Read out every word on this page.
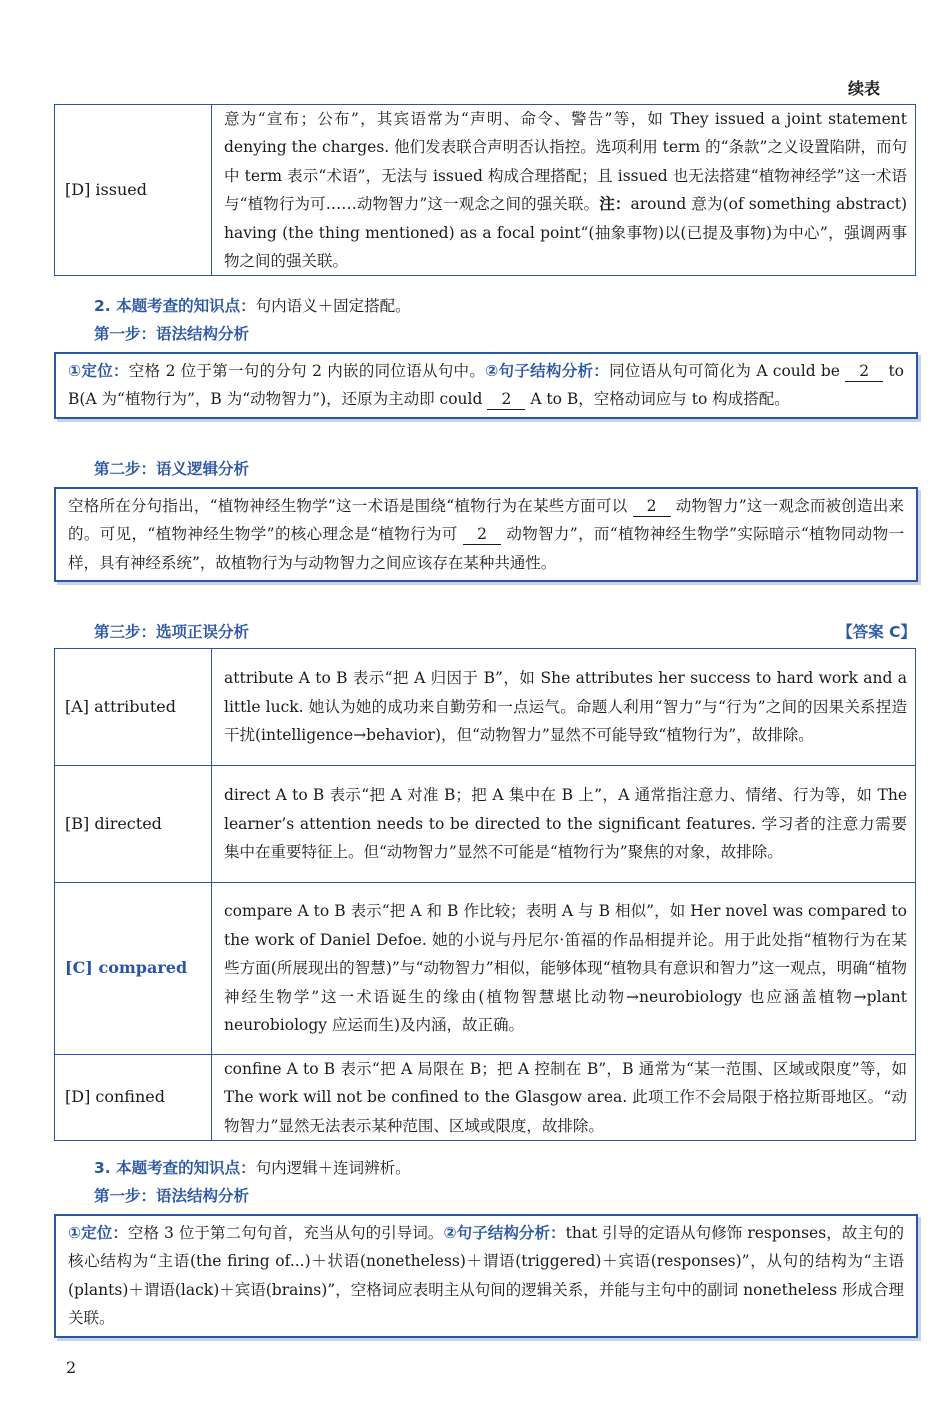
续表
[D] issued	意为“宣布；公布”，其宾语常为“声明、命令、警告”等，如 They issued a joint statement denying the charges. 他们发表联合声明否认指控。选项利用 term 的“条款”之义设置陷阱，而句中 term 表示“术语”，无法与 issued 构成合理搭配；且 issued 也无法搭建“植物神经学”这一术语与“植物行为可……动物智力”这一观念之间的强关联。注：around 意为(of something abstract) having (the thing mentioned) as a focal point“(抽象事物)以(已提及事物)为中心”，强调两事物之间的强关联。
2. 本题考查的知识点：句内语义＋固定搭配。
第一步：语法结构分析
①定位：空格 2 位于第一句的分句 2 内嵌的同位语从句中。②句子结构分析：同位语从句可简化为 A could be 2 to B(A 为“植物行为”，B 为“动物智力”)，还原为主动即 could 2 A to B，空格动词应与 to 构成搭配。
第二步：语义逻辑分析
空格所在分句指出，“植物神经生物学”这一术语是围绕“植物行为在某些方面可以 2 动物智力”这一观念而被创造出来的。可见，“植物神经生物学”的核心理念是“植物行为可 2 动物智力”，而“植物神经生物学”实际暗示“植物同动物一样，具有神经系统”，故植物行为与动物智力之间应该存在某种共通性。
第三步：选项正误分析	【答案 C】
[A] attributed	attribute A to B 表示“把 A 归因于 B”，如 She attributes her success to hard work and a little luck. 她认为她的成功来自勤劳和一点运气。命题人利用“智力”与“行为”之间的因果关系捏造干扰(intelligence→behavior)，但“动物智力”显然不可能导致“植物行为”，故排除。
[B] directed	direct A to B 表示“把 A 对准 B；把 A 集中在 B 上”，A 通常指注意力、情绪、行为等，如 The learner’s attention needs to be directed to the significant features. 学习者的注意力需要集中在重要特征上。但“动物智力”显然不可能是“植物行为”聚焦的对象，故排除。
[C] compared	compare A to B 表示“把 A 和 B 作比较；表明 A 与 B 相似”，如 Her novel was compared to the work of Daniel Defoe. 她的小说与丹尼尔·笛福的作品相提并论。用于此处指“植物行为在某些方面(所展现出的智慧)”与“动物智力”相似，能够体现“植物具有意识和智力”这一观点，明确“植物神经生物学”这一术语诞生的缘由(植物智慧堪比动物→neurobiology 也应涵盖植物→plant neurobiology 应运而生)及内涵，故正确。
[D] confined	confine A to B 表示“把 A 局限在 B；把 A 控制在 B”，B 通常为“某一范围、区域或限度”等，如 The work will not be confined to the Glasgow area. 此项工作不会局限于格拉斯哥地区。“动物智力”显然无法表示某种范围、区域或限度，故排除。
3. 本题考查的知识点：句内逻辑＋连词辨析。
第一步：语法结构分析
①定位：空格 3 位于第二句句首，充当从句的引导词。②句子结构分析：that 引导的定语从句修饰 responses，故主句的核心结构为“主语(the firing of...)＋状语(nonetheless)＋谓语(triggered)＋宾语(responses)”，从句的结构为“主语(plants)＋谓语(lack)＋宾语(brains)”，空格词应表明主从句间的逻辑关系，并能与主句中的副词 nonetheless 形成合理关联。
2
